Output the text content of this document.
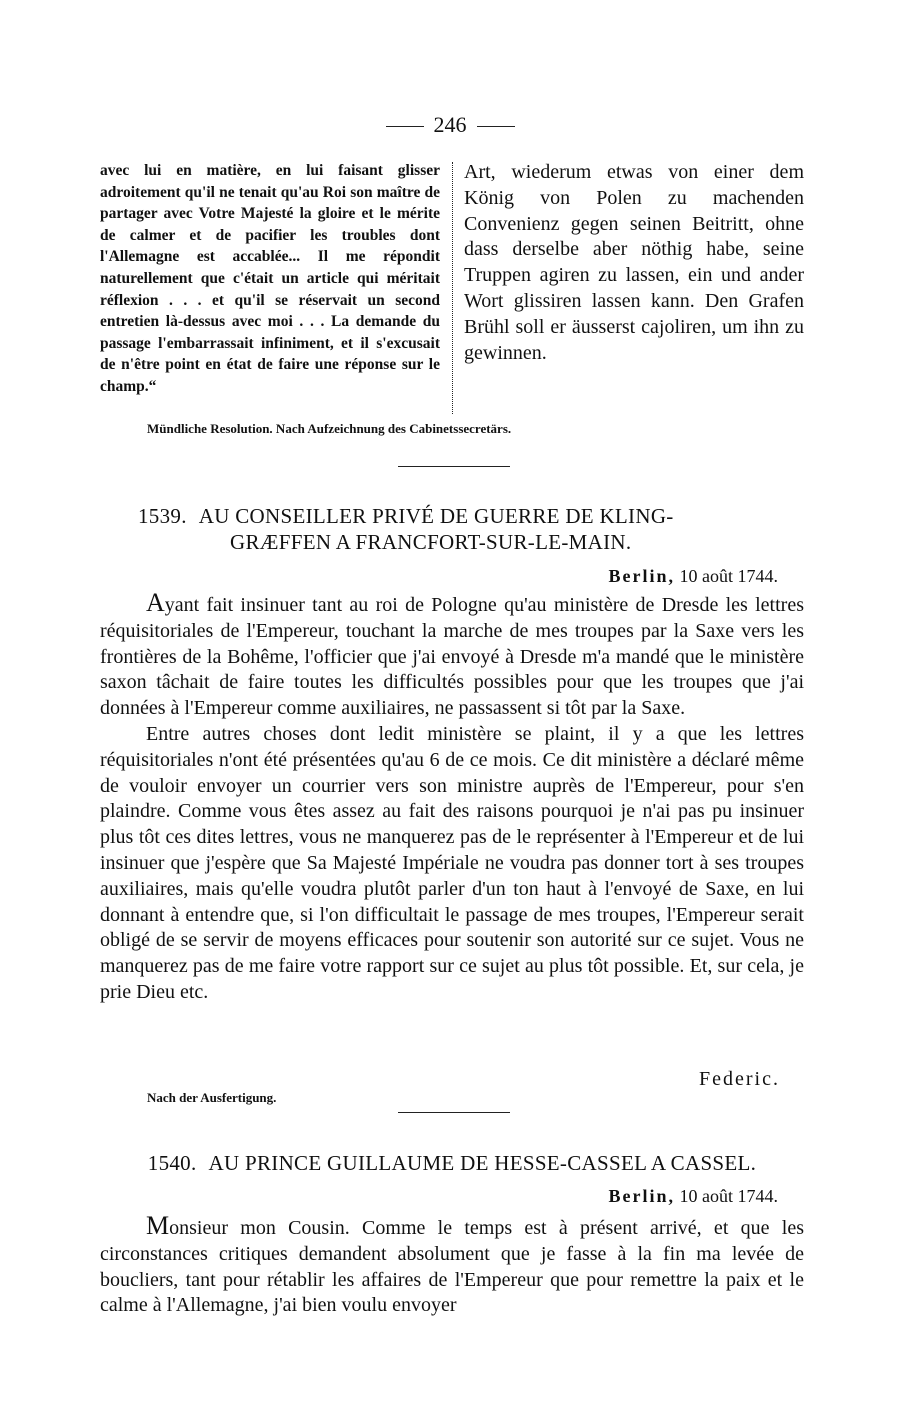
246

avec lui en matière, en lui faisant glisser adroitement qu'il ne tenait qu'au Roi son maître de partager avec Votre Majesté la gloire et le mérite de calmer et de pacifier les troubles dont l'Allemagne est accablée... Il me répondit naturellement que c'était un article qui méritait réflexion . . . et qu'il se réservait un second entretien là-dessus avec moi . . . La demande du passage l'embarrassait infiniment, et il s'excusait de n'être point en état de faire une réponse sur le champ.“

Art, wiederum etwas von einer dem König von Polen zu machenden Convenienz gegen seinen Beitritt, ohne dass derselbe aber nöthig habe, seine Truppen agiren zu lassen, ein und ander Wort glissiren lassen kann. Den Grafen Brühl soll er äusserst cajoliren, um ihn zu gewinnen.

Mündliche Resolution. Nach Aufzeichnung des Cabinetssecretärs.
1539. AU CONSEILLER PRIVÉ DE GUERRE DE KLING-
GRÆFFEN A FRANCFORT-SUR-LE-MAIN.
Berlin, 10 août 1744.

Ayant fait insinuer tant au roi de Pologne qu'au ministère de Dresde les lettres réquisitoriales de l'Empereur, touchant la marche de mes troupes par la Saxe vers les frontières de la Bohême, l'officier que j'ai envoyé à Dresde m'a mandé que le ministère saxon tâchait de faire toutes les difficultés possibles pour que les troupes que j'ai données à l'Empereur comme auxiliaires, ne passassent si tôt par la Saxe.

Entre autres choses dont ledit ministère se plaint, il y a que les lettres réquisitoriales n'ont été présentées qu'au 6 de ce mois. Ce dit ministère a déclaré même de vouloir envoyer un courrier vers son ministre auprès de l'Empereur, pour s'en plaindre. Comme vous êtes assez au fait des raisons pourquoi je n'ai pas pu insinuer plus tôt ces dites lettres, vous ne manquerez pas de le représenter à l'Empereur et de lui insinuer que j'espère que Sa Majesté Impériale ne voudra pas donner tort à ses troupes auxiliaires, mais qu'elle voudra plutôt parler d'un ton haut à l'envoyé de Saxe, en lui donnant à entendre que, si l'on difficultait le passage de mes troupes, l'Empereur serait obligé de se servir de moyens efficaces pour soutenir son autorité sur ce sujet. Vous ne manquerez pas de me faire votre rapport sur ce sujet au plus tôt possible. Et, sur cela, je prie Dieu etc.

Federic.
Nach der Ausfertigung.
1540. AU PRINCE GUILLAUME DE HESSE-CASSEL A CASSEL.
Berlin, 10 août 1744.

Monsieur mon Cousin. Comme le temps est à présent arrivé, et que les circonstances critiques demandent absolument que je fasse à la fin ma levée de boucliers, tant pour rétablir les affaires de l'Empereur que pour remettre la paix et le calme à l'Allemagne, j'ai bien voulu envoyer
